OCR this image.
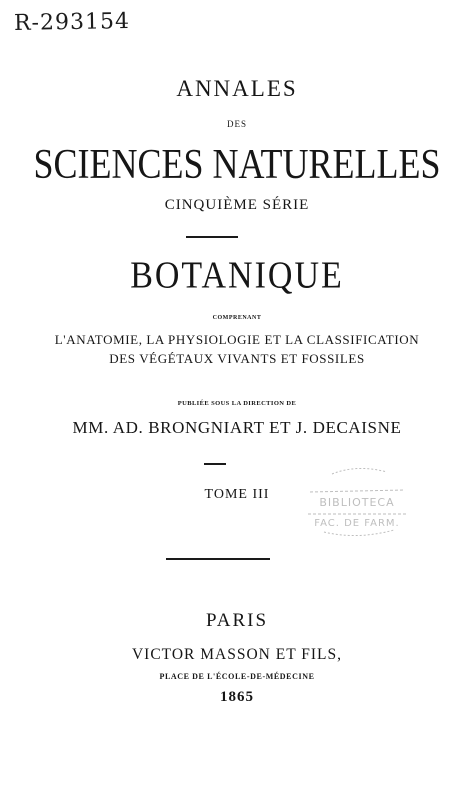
R-293154
ANNALES
DES
SCIENCES NATURELLES
CINQUIÈME SÉRIE
BOTANIQUE
COMPRENANT
L'ANATOMIE, LA PHYSIOLOGIE ET LA CLASSIFICATION
DES VÉGÉTAUX VIVANTS ET FOSSILES
PUBLIÉE SOUS LA DIRECTION DE
MM. AD. BRONGNIART ET J. DECAISNE
TOME III
BIBLIOTECA
FAC. DE FARM.
PARIS
VICTOR MASSON ET FILS,
PLACE DE L'ÉCOLE-DE-MÉDECINE
1865
